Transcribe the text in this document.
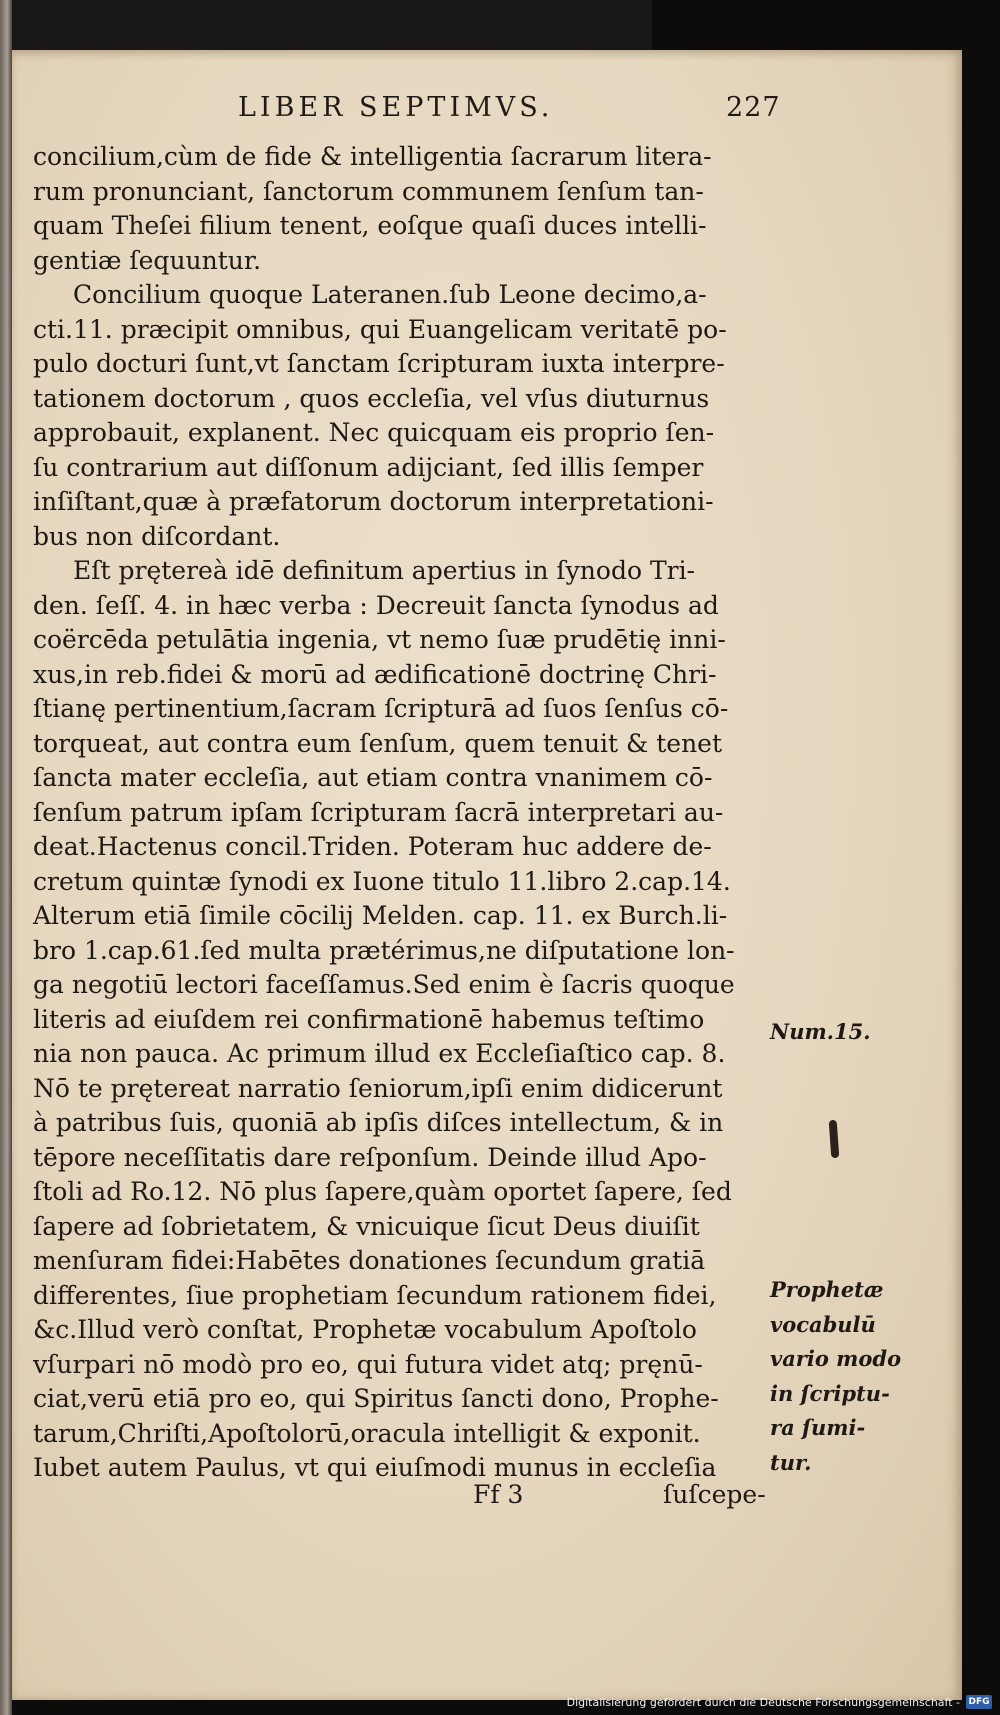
LIBER SEPTIMVS.	227
concilium,cùm de fide & intelligentia ſacrarum litera-
rum pronunciant, ſanctorum communem ſenſum tan-
quam Theſei filium tenent, eoſque quaſi duces intelli-
gentiæ ſequuntur.
Concilium quoque Lateranen.ſub Leone decimo,a-
cti.11. præcipit omnibus, qui Euangelicam veritatē po-
pulo docturi ſunt,vt ſanctam ſcripturam iuxta interpre-
tationem doctorum , quos eccleſia, vel vſus diuturnus
approbauit, explanent. Nec quicquam eis proprio ſen-
ſu contrarium aut diſſonum adijciant, ſed illis ſemper
inſiſtant,quæ à præfatorum doctorum interpretationi-
bus non diſcordant.
Eſt prętereà idē definitum apertius in ſynodo Tri-
den. ſeſſ. 4. in hæc verba : Decreuit ſancta ſynodus ad
coërcēda petulātia ingenia, vt nemo ſuæ prudētię inni-
xus,in reb.fidei & morū ad ædificationē doctrinę Chri-
ſtianę pertinentium,ſacram ſcripturā ad ſuos ſenſus cō-
torqueat, aut contra eum ſenſum, quem tenuit & tenet
ſancta mater eccleſia, aut etiam contra vnanimem cō-
ſenſum patrum ipſam ſcripturam ſacrā interpretari au-
deat.Hactenus concil.Triden. Poteram huc addere de-
cretum quintæ ſynodi ex Iuone titulo 11.libro 2.cap.14.
Alterum etiā ſimile cōcilij Melden. cap. 11. ex Burch.li-
bro 1.cap.61.ſed multa prætérimus,ne diſputatione lon-
ga negotiū lectori faceſſamus.Sed enim è ſacris quoque
literis ad eiuſdem rei confirmationē habemus teſtimo
nia non pauca. Ac primum illud ex Eccleſiaſtico cap. 8.
Nō te prętereat narratio ſeniorum,ipſi enim didicerunt
à patribus ſuis, quoniā ab ipſis diſces intellectum, & in
tēpore neceſſitatis dare reſponſum. Deinde illud Apo-
ſtoli ad Ro.12. Nō plus ſapere,quàm oportet ſapere, ſed
ſapere ad ſobrietatem, & vnicuique ſicut Deus diuiſit
menſuram fidei:Habētes donationes ſecundum gratiā
differentes, ſiue prophetiam ſecundum rationem fidei,
&c.Illud verò conſtat, Prophetæ vocabulum Apoſtolo
vſurpari nō modò pro eo, qui futura videt atq; pręnū-
ciat,verū etiā pro eo, qui Spiritus ſancti dono, Prophe-
tarum,Chriſti,Apoſtolorū,oracula intelligit & exponit.
Iubet autem Paulus, vt qui eiuſmodi munus in eccleſia
Num.15.
Prophetæ
vocabulū
vario modo
in ſcriptu-
ra ſumi-
tur.
Ff 3	ſuſcepe-
Digitalisierung gefördert durch die Deutsche Forschungsgemeinschaft - DFG
